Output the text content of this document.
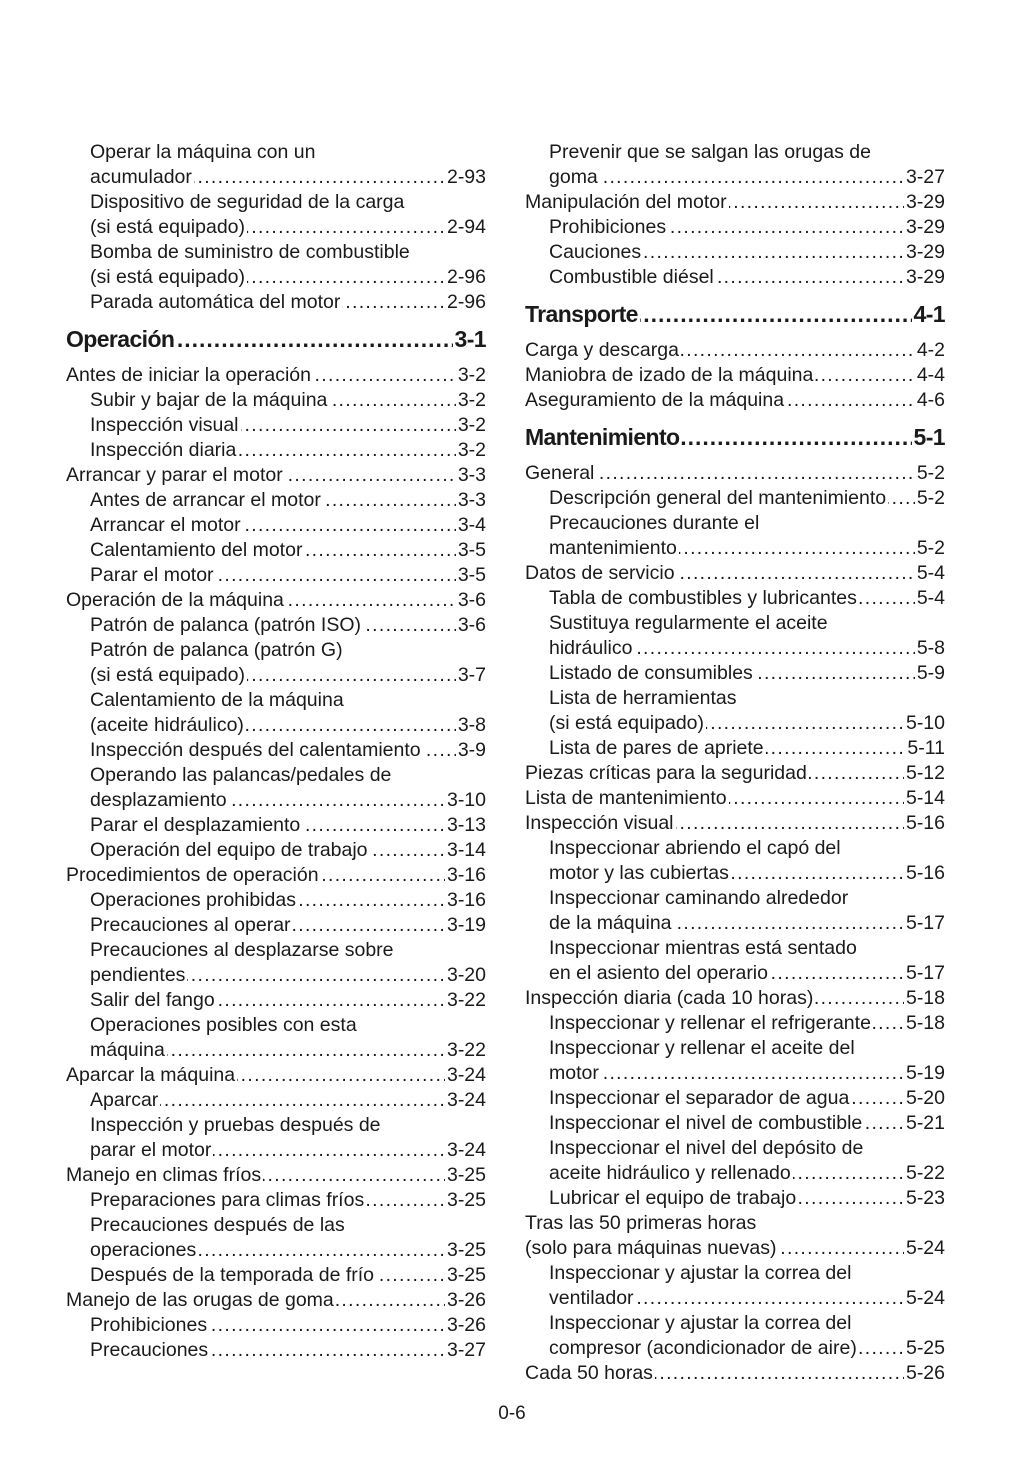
Operar la máquina con un
acumulador .....	2-93
Dispositivo de seguridad de la carga
(si está equipado) .....	2-94
Bomba de suministro de combustible
(si está equipado) .....	2-96
Parada automática del motor .....	2-96
Operación .....	3-1
Antes de iniciar la operación .....	3-2
Subir y bajar de la máquina .....	3-2
Inspección visual .....	3-2
Inspección diaria .....	3-2
Arrancar y parar el motor .....	3-3
Antes de arrancar el motor .....	3-3
Arrancar el motor .....	3-4
Calentamiento del motor .....	3-5
Parar el motor .....	3-5
Operación de la máquina .....	3-6
Patrón de palanca (patrón ISO) .....	3-6
Patrón de palanca (patrón G)
(si está equipado) .....	3-7
Calentamiento de la máquina
(aceite hidráulico) .....	3-8
Inspección después del calentamiento ..... 3-9
Operando las palancas/pedales de
desplazamiento .....	3-10
Parar el desplazamiento .....	3-13
Operación del equipo de trabajo .....	3-14
Procedimientos de operación .....	3-16
Operaciones prohibidas .....	3-16
Precauciones al operar .....	3-19
Precauciones al desplazarse sobre
pendientes .....	3-20
Salir del fango .....	3-22
Operaciones posibles con esta
máquina .....	3-22
Aparcar la máquina .....	3-24
Aparcar .....	3-24
Inspección y pruebas después de
parar el motor .....	3-24
Manejo en climas fríos .....	3-25
Preparaciones para climas fríos .....	3-25
Precauciones después de las
operaciones .....	3-25
Después de la temporada de frío .....	3-25
Manejo de las orugas de goma .....	3-26
Prohibiciones .....	3-26
Precauciones .....	3-27
Prevenir que se salgan las orugas de
goma .....	3-27
Manipulación del motor .....	3-29
Prohibiciones .....	3-29
Cauciones .....	3-29
Combustible diésel .....	3-29
Transporte .....	4-1
Carga y descarga .....	4-2
Maniobra de izado de la máquina .....	4-4
Aseguramiento de la máquina .....	4-6
Mantenimiento .....	5-1
General .....	5-2
Descripción general del mantenimiento ..... 5-2
Precauciones durante el
mantenimiento .....	5-2
Datos de servicio .....	5-4
Tabla de combustibles y lubricantes .....	5-4
Sustituya regularmente el aceite
hidráulico .....	5-8
Listado de consumibles .....	5-9
Lista de herramientas
(si está equipado) .....	5-10
Lista de pares de apriete .....	5-11
Piezas críticas para la seguridad .....	5-12
Lista de mantenimiento .....	5-14
Inspección visual .....	5-16
Inspeccionar abriendo el capó del
motor y las cubiertas .....	5-16
Inspeccionar caminando alrededor
de la máquina .....	5-17
Inspeccionar mientras está sentado
en el asiento del operario .....	5-17
Inspección diaria (cada 10 horas) .....	5-18
Inspeccionar y rellenar el refrigerante ..... 5-18
Inspeccionar y rellenar el aceite del
motor .....	5-19
Inspeccionar el separador de agua .....	5-20
Inspeccionar el nivel de combustible ..... 5-21
Inspeccionar el nivel del depósito de
aceite hidráulico y rellenado .....	5-22
Lubricar el equipo de trabajo .....	5-23
Tras las 50 primeras horas
(solo para máquinas nuevas) .....	5-24
Inspeccionar y ajustar la correa del
ventilador .....	5-24
Inspeccionar y ajustar la correa del
compresor (acondicionador de aire) .....	5-25
Cada 50 horas .....	5-26
0-6
